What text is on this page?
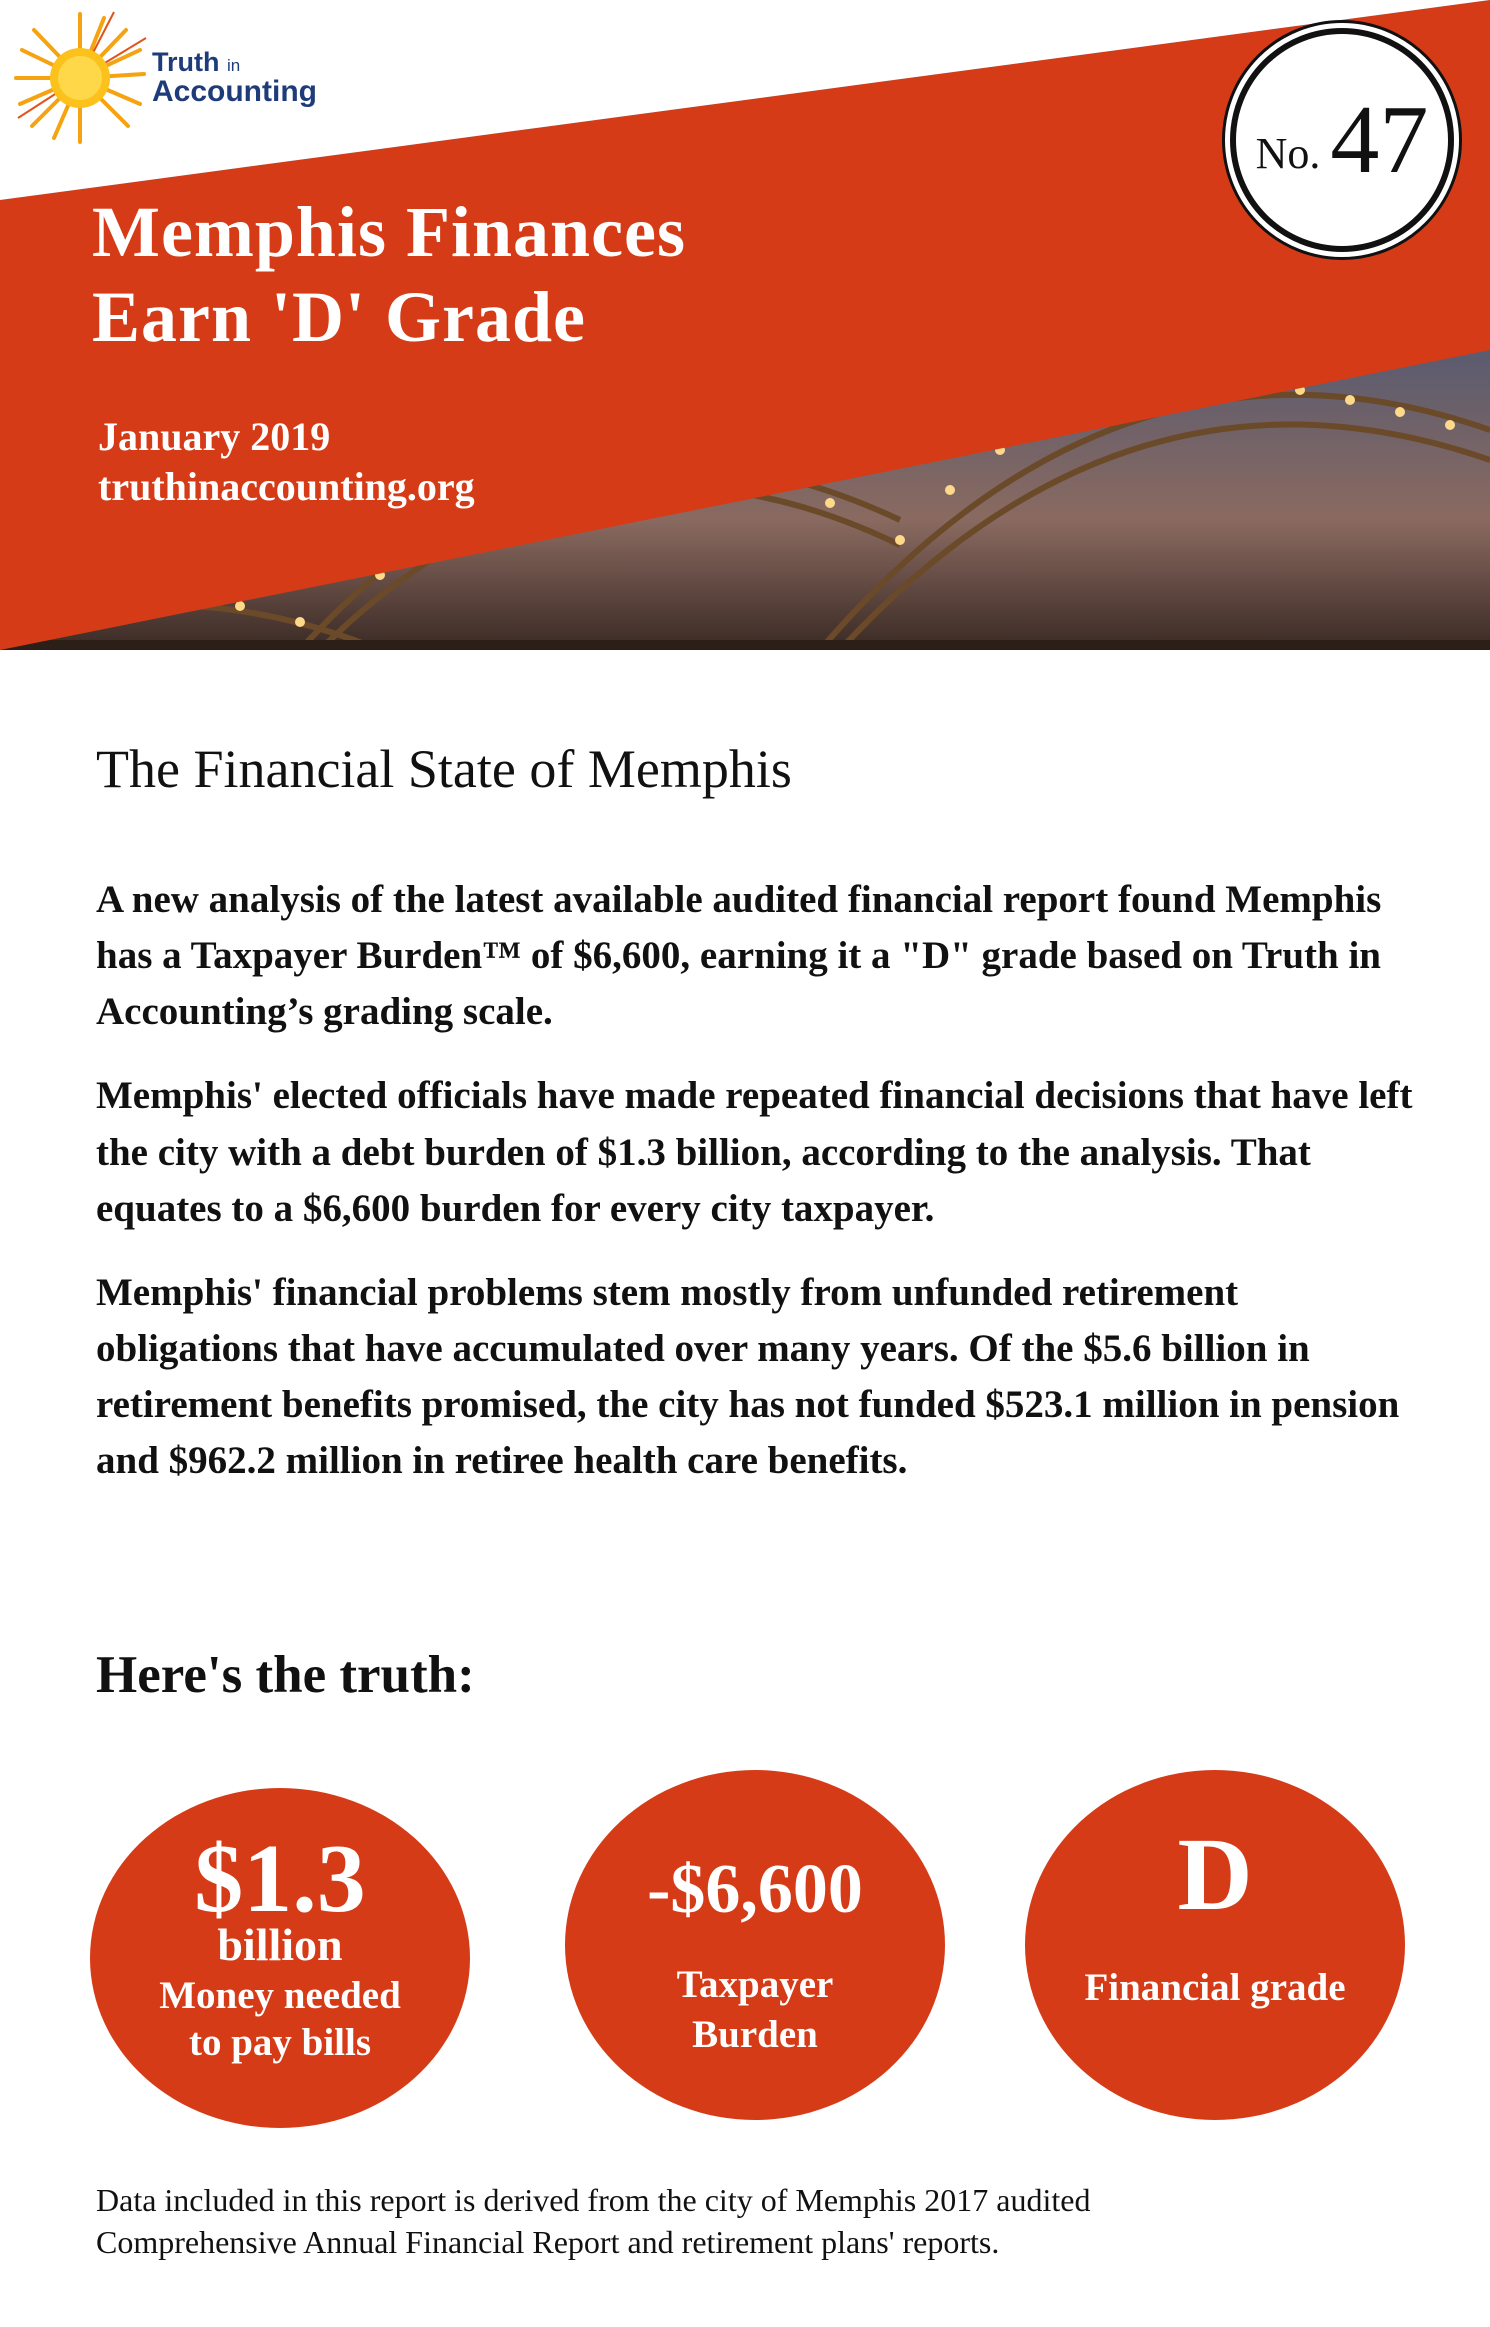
Truth in
Accounting
No. 47
Memphis Finances
Earn 'D' Grade
January 2019
truthinaccounting.org
The Financial State of Memphis

A new analysis of the latest available audited financial report found Memphis has a Taxpayer Burden™ of $6,600, earning it a "D" grade based on Truth in Accounting’s grading scale.

Memphis' elected officials have made repeated financial decisions that have left the city with a debt burden of $1.3 billion, according to the analysis. That equates to a $6,600 burden for every city taxpayer.

Memphis' financial problems stem mostly from unfunded retirement obligations that have accumulated over many years. Of the $5.6 billion in retirement benefits promised, the city has not funded $523.1 million in pension and $962.2 million in retiree health care benefits.

Here's the truth:
$1.3
billion
Money needed
to pay bills
-$6,600
Taxpayer
Burden
D
Financial grade
Data included in this report is derived from the city of Memphis 2017 audited
Comprehensive Annual Financial Report and retirement plans' reports.
